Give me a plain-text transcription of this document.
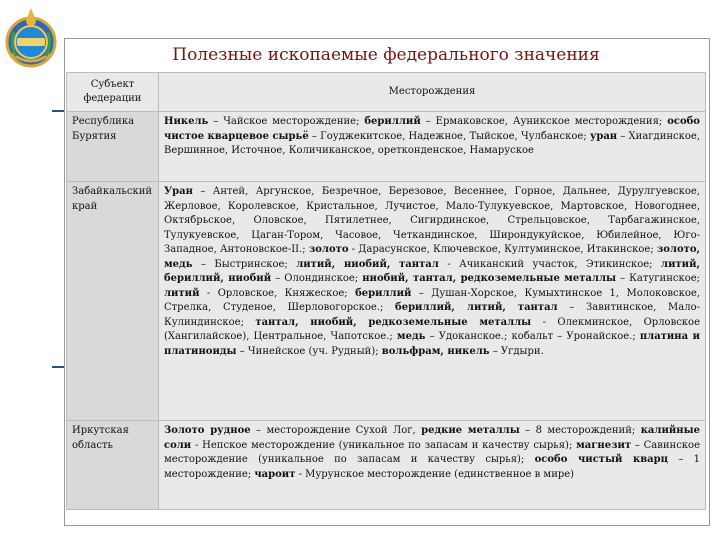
Полезные ископаемые федерального значения
Субъект федерации	Месторождения
Республика Бурятия	Никель – Чайское месторождение; бериллий – Ермаковское, Ауникское месторождения; особо чистое кварцевое сырьё – Гоуджекитское, Надежное, Тыйское, Чулбанское; уран – Хиагдинское, Вершинное, Источное, Количиканское, оретконденское, Намаруское
Забайкальский край	Уран – Антей, Аргунское, Безречное, Березовое, Весеннее, Горное, Дальнее, Дурулгуевское, Жерловое, Королевское, Кристальное, Лучистое, Мало-Тулукуевское, Мартовское, Новогоднее, Октябрьское, Оловское, Пятилетнее, Сигирдинское, Стрельцовское, Тарбагажинское, Тулукуевское, Цаган-Тором, Часовое, Четкандинское, Широндукуйское, Юбилейное, Юго-Западное, Антоновское-II.; золото - Дарасунское, Ключевское, Култуминское, Итакинское; золото, медь – Быстринское; литий, ниобий, тантал - Ачиканский участок, Этикинское; литий, бериллий, ниобий – Олондинское; ниобий, тантал, редкоземельные металлы – Катугинское; литий - Орловское, Княжеское; бериллий – Душан-Хорское, Кумыхтинское 1, Молоковское, Стрелка, Студеное, Шерловогорское.; бериллий, литий, тантал – Завитинское, Мало-Кулиндинское; тантал, ниобий, редкоземельные металлы - Олекминское, Орловское (Хангилайское), Центральное, Чапотское.; медь – Удоканское.; кобальт – Уронайское.; платина и платиноиды – Чинейское (уч. Рудный); вольфрам, никель – Угдыри.
Иркутская область	Золото рудное – месторождение Сухой Лог, редкие металлы – 8 месторождений; калийные соли - Непское месторождение (уникальное по запасам и качеству сырья); магнезит – Савинское месторождение (уникальное по запасам и качеству сырья); особо чистый кварц – 1 месторождение; чароит - Мурунское месторождение (единственное в мире)
